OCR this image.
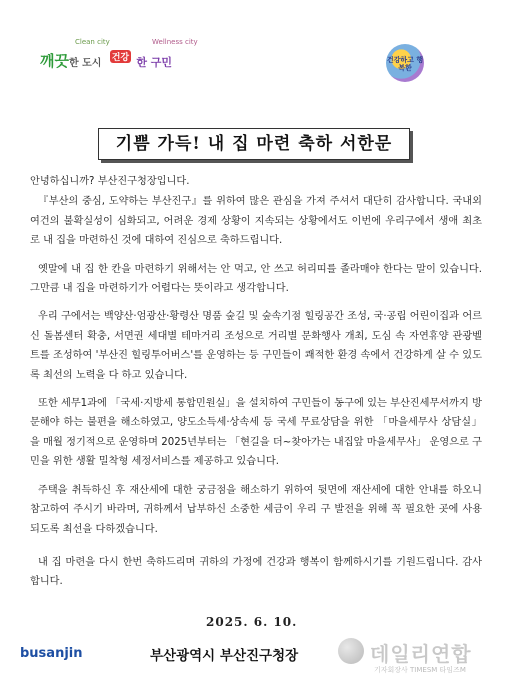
Clean city	Wellness city
깨끗한 도시 건강 한 구민	건강하고 행복한
기쁨 가득! 내 집 마련 축하 서한문

안녕하십니까? 부산진구청장입니다.

『부산의 중심, 도약하는 부산진구』를 위하여 많은 관심을 가져 주셔서 대단히 감사합니다. 국내외 여건의 불확실성이 심화되고, 어려운 경제 상황이 지속되는 상황에서도 이번에 우리구에서 생애 최초로 내 집을 마련하신 것에 대하여 진심으로 축하드립니다.

옛말에 내 집 한 칸을 마련하기 위해서는 안 먹고, 안 쓰고 허리띠를 졸라매야 한다는 말이 있습니다. 그만큼 내 집을 마련하기가 어렵다는 뜻이라고 생각합니다.

우리 구에서는 백양산·엄광산·황령산 명품 숲길 및 숲속기점 힐링공간 조성, 국·공립 어린이집과 어르신 돌봄센터 확충, 서면권 세대별 테마거리 조성으로 거리별 문화행사 개최, 도심 속 자연휴양 관광벨트를 조성하여 '부산진 힐링투어버스'를 운영하는 등 구민들이 쾌적한 환경 속에서 건강하게 살 수 있도록 최선의 노력을 다 하고 있습니다.

또한 세무1과에 「국세·지방세 통합민원실」을 설치하여 구민들이 동구에 있는 부산진세무서까지 방문해야 하는 불편을 해소하였고, 양도소득세·상속세 등 국세 무료상담을 위한 「마을세무사 상담실」을 매월 정기적으로 운영하며 2025년부터는 「현길을 더~찾아가는 내집앞 마을세무사」 운영으로 구민을 위한 생활 밀착형 세정서비스를 제공하고 있습니다.

주택을 취득하신 후 재산세에 대한 궁금점을 해소하기 위하여 뒷면에 재산세에 대한 안내를 하오니 참고하여 주시기 바라며, 귀하께서 납부하신 소중한 세금이 우리 구 발전을 위해 꼭 필요한 곳에 사용되도록 최선을 다하겠습니다.

내 집 마련을 다시 한번 축하드리며 귀하의 가정에 건강과 행복이 함께하시기를 기원드립니다. 감사합니다.

2025. 6. 10.
busanjin	부산광역시 부산진구청장	데일리연합
기자회장사 TIMESM 타임즈M
